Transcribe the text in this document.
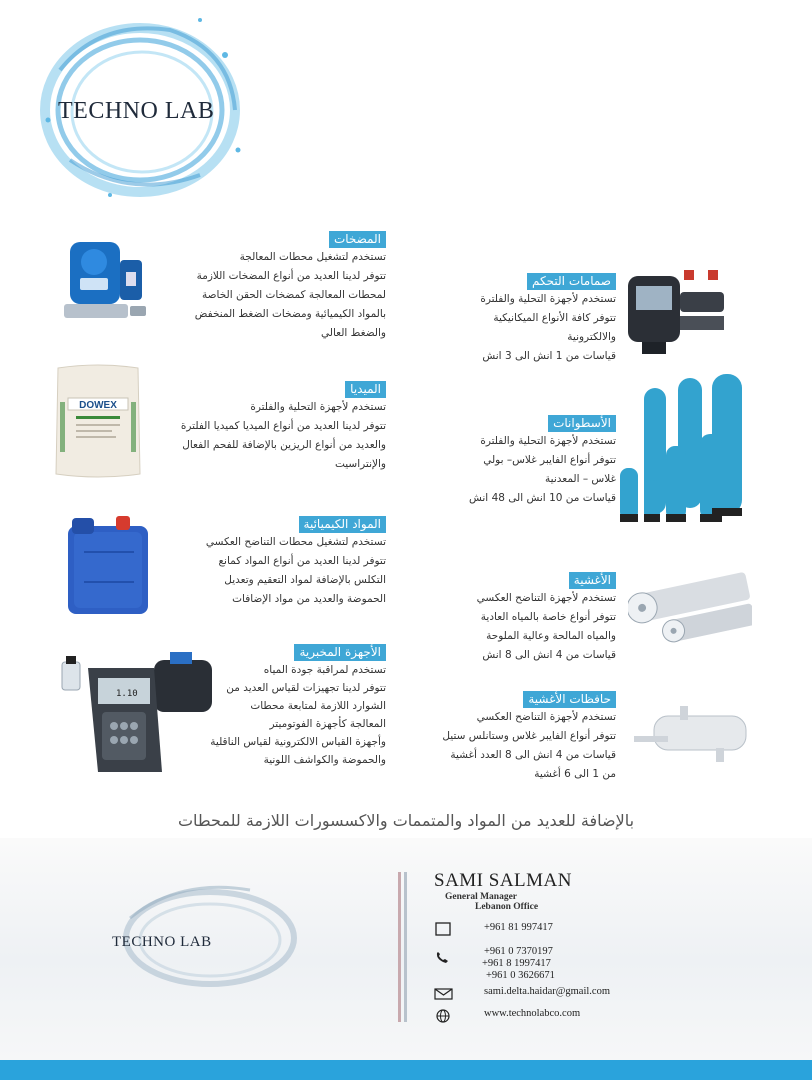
TECHNO LAB
المضخات
تستخدم لتشغيل محطات المعالجة
تتوفر لدينا العديد من أنواع المضخات اللازمة
لمحطات المعالجة كمضخات الحقن الخاصة
بالمواد الكيميائية ومضخات الضغط المنخفض
والضغط العالي
DOWEX
الميديا
تستخدم لأجهزة التحلية والفلترة
تتوفر لدينا العديد من أنواع الميديا كميديا الفلترة
والعديد من أنواع الريزين بالإضافة للفحم الفعال
والإنتراسيت
المواد الكيميائية
تستخدم لتشغيل محطات التناضح العكسي
تتوفر لدينا العديد من أنواع المواد كمانع
التكلس بالإضافة لمواد التعقيم وتعديل
الحموضة والعديد من مواد الإضافات
1.10
الأجهزة المخبرية
تستخدم لمراقبة جودة المياه
تتوفر لدينا تجهيزات لقياس العديد من
الشوارد اللازمة لمتابعة محطات
المعالجة كأجهزة الفوتوميتر
وأجهزة القياس الالكترونية لقياس الناقلية
والحموضة والكواشف اللونية
صمامات التحكم
تستخدم لأجهزة التحلية والفلترة
تتوفر كافة الأنواع الميكانيكية
والالكترونية
قياسات من 1 انش الى 3 انش
الأسطوانات
تستخدم لأجهزة التحلية والفلترة
تتوفر أنواع الفايبر غلاس– بولي
غلاس – المعدنية
قياسات من 10 انش الى 48 انش
الأغشية
تستخدم لأجهزة التناضح العكسي
تتوفر أنواع خاصة بالمياه العادية
والمياه المالحة وعالية الملوحة
قياسات من 4 انش الى 8 انش
حافظات الأغشية
تستخدم لأجهزة التناضح العكسي
تتوفر أنواع الفايبر غلاس وستانلس ستيل
قياسات من 4 انش الى 8 العدد أغشية
من 1 الى 6 أغشية
بالإضافة للعديد من المواد والمتممات والاكسسورات اللازمة للمحطات
TECHNO LAB
SAMI SALMAN
General Manager
Lebanon Office
+961 81 997417
+961 0 7370197
+961 8 1997417
+961 0 3626671
sami.delta.haidar@gmail.com
www.technolabco.com
